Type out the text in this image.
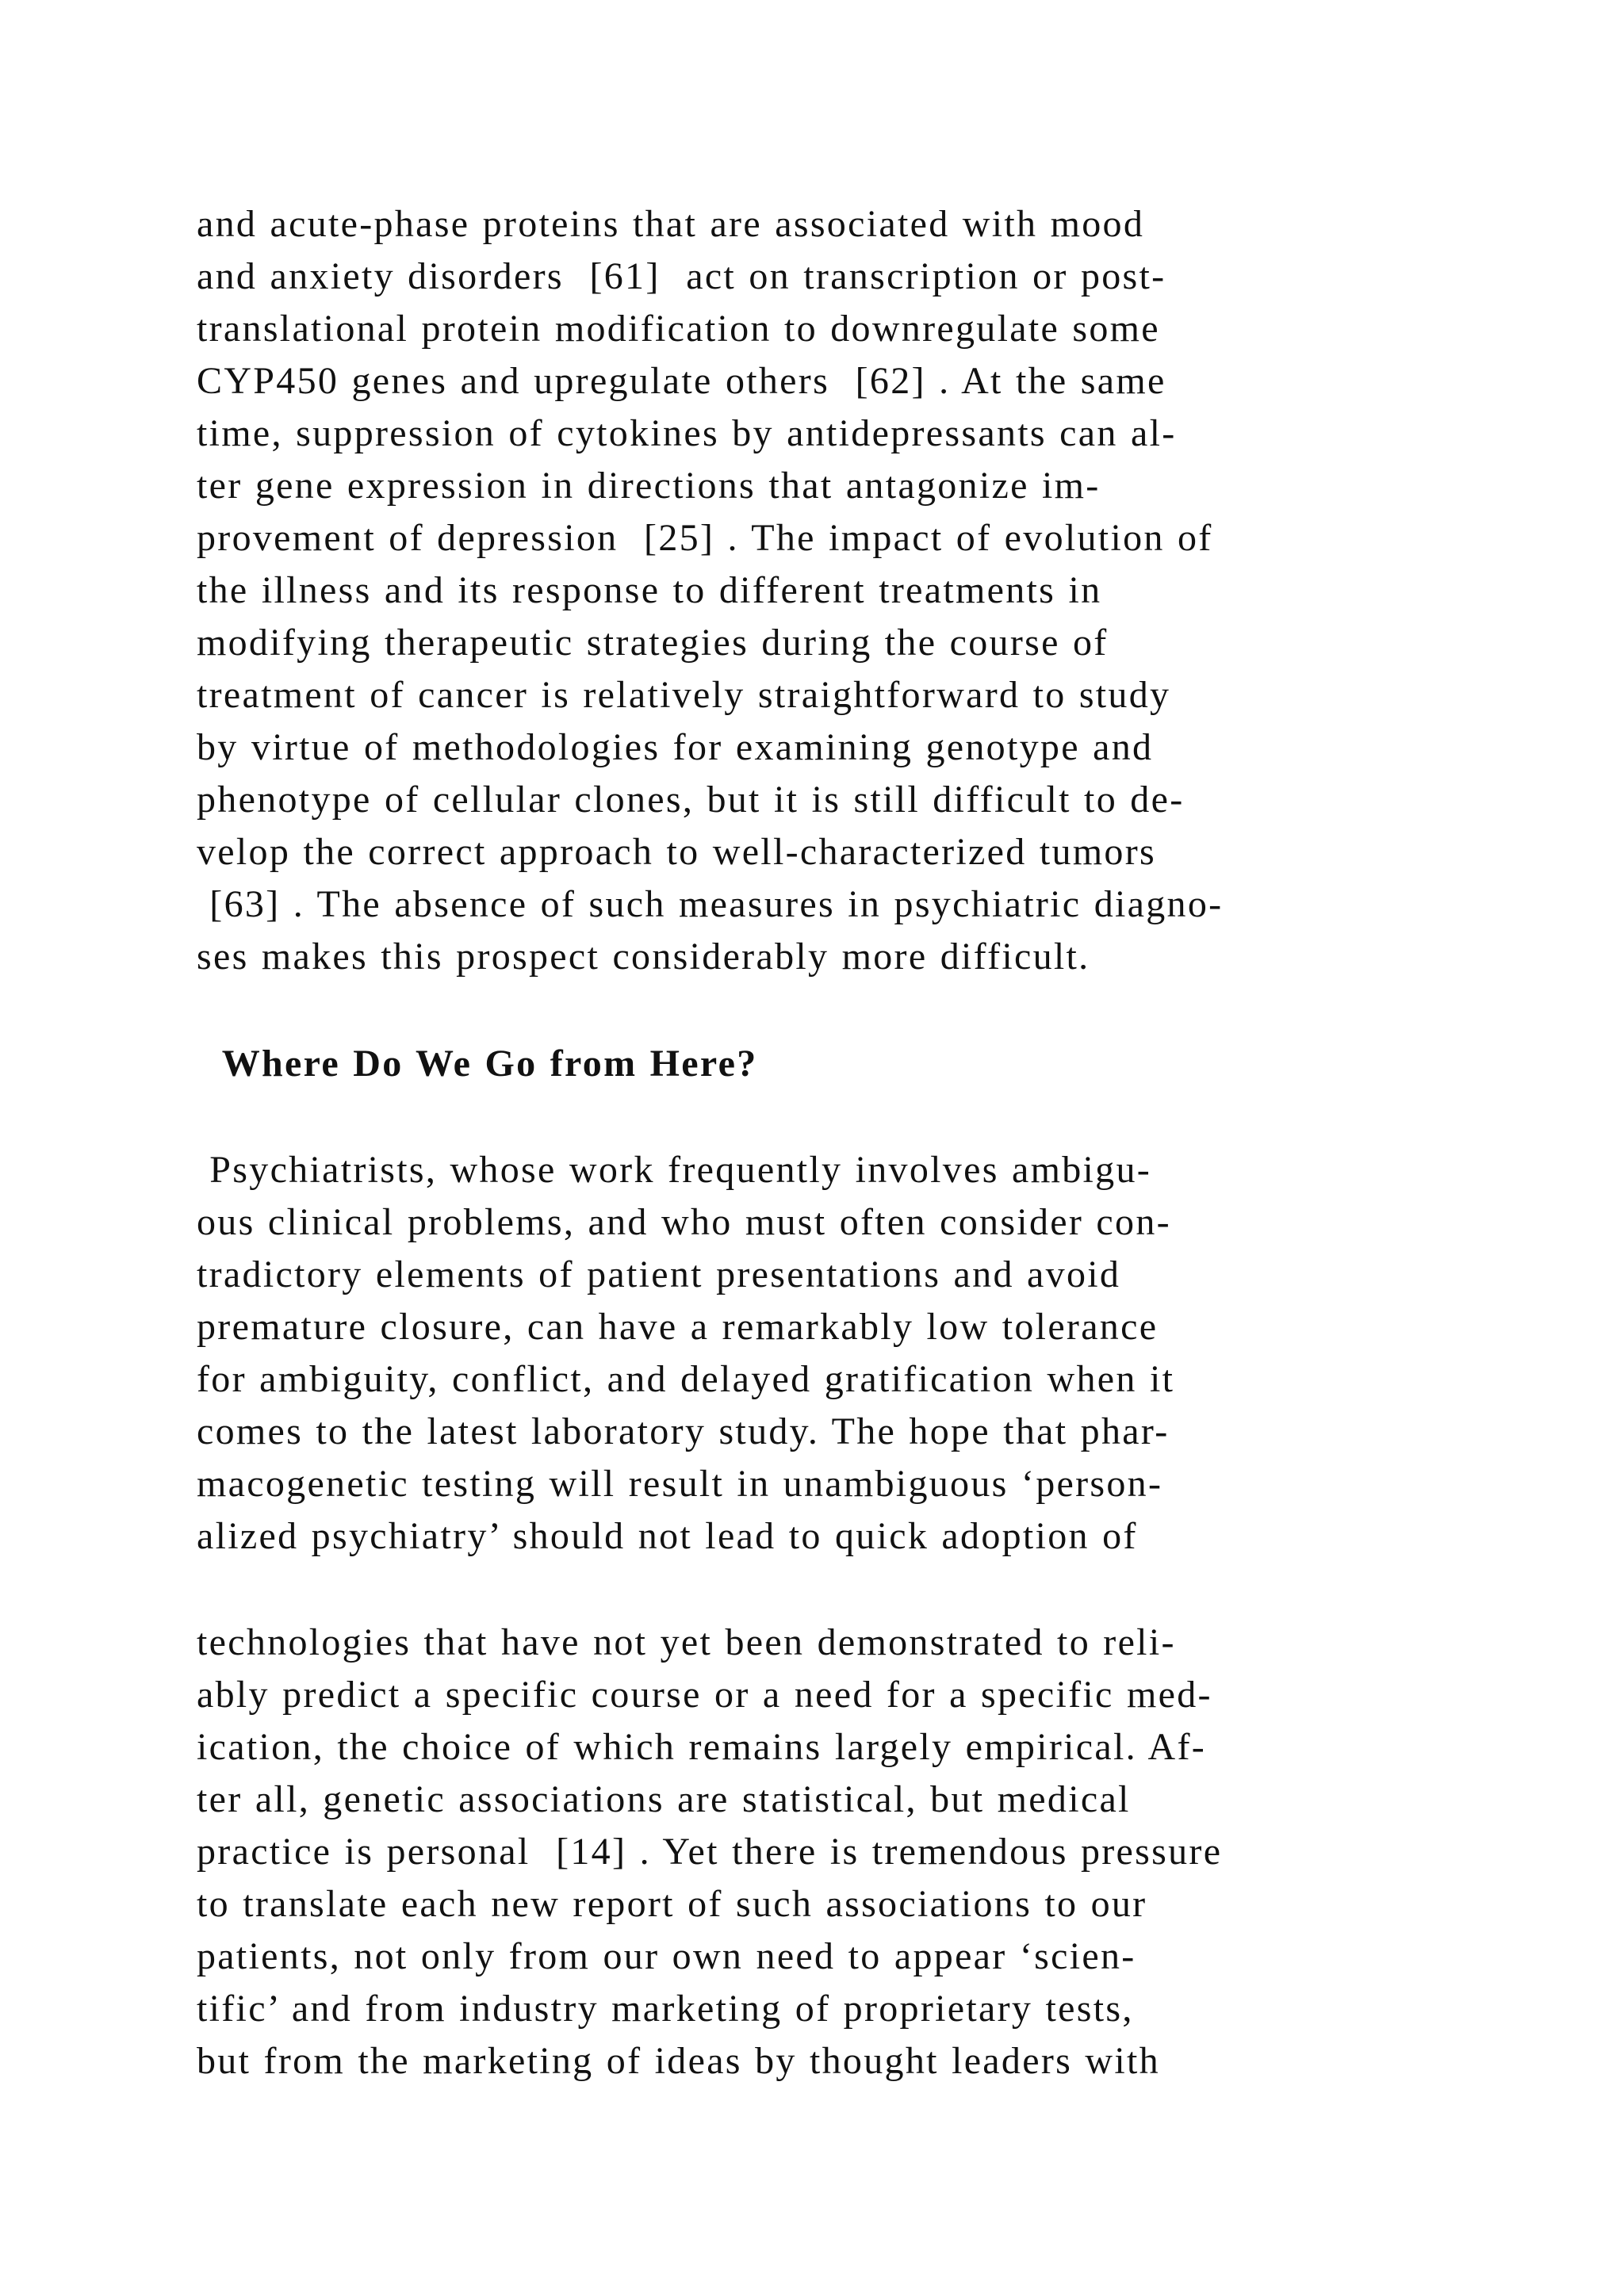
and acute-phase proteins that are associated with mood

and anxiety disorders  [61]  act on transcription or post-

translational protein modification to downregulate some

CYP450 genes and upregulate others  [62] . At the same

time, suppression of cytokines by antidepressants can al-

ter gene expression in directions that antagonize im-

provement of depression  [25] . The impact of evolution of

the illness and its response to different treatments in

modifying therapeutic strategies during the course of

treatment of cancer is relatively straightforward to study

by virtue of methodologies for examining genotype and

phenotype of cellular clones, but it is still difficult to de-

velop the correct approach to well-characterized tumors

[63] . The absence of such measures in psychiatric diagno-

ses makes this prospect considerably more difficult.

Where Do We Go from Here?

Psychiatrists, whose work frequently involves ambigu-

ous clinical problems, and who must often consider con-

tradictory elements of patient presentations and avoid

premature closure, can have a remarkably low tolerance

for ambiguity, conflict, and delayed gratification when it

comes to the latest laboratory study. The hope that phar-

macogenetic testing will result in unambiguous ‘person-

alized psychiatry’ should not lead to quick adoption of

technologies that have not yet been demonstrated to reli-

ably predict a specific course or a need for a specific med-

ication, the choice of which remains largely empirical. Af-

ter all, genetic associations are statistical, but medical

practice is personal  [14] . Yet there is tremendous pressure

to translate each new report of such associations to our

patients, not only from our own need to appear ‘scien-

tific’ and from industry marketing of proprietary tests,

but from the marketing of ideas by thought leaders with
